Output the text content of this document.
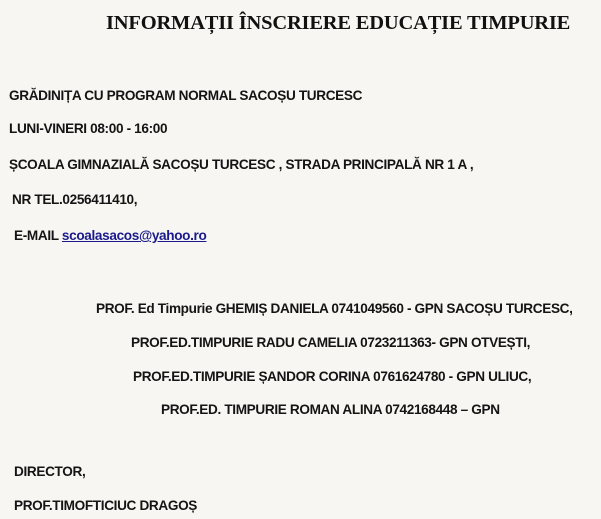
INFORMAȚII ÎNSCRIERE EDUCAȚIE TIMPURIE
GRĂDINIȚA CU PROGRAM NORMAL SACOȘU TURCESC
LUNI-VINERI 08:00 - 16:00
ȘCOALA GIMNAZIALĂ SACOȘU TURCESC , STRADA PRINCIPALĂ NR 1 A ,
NR TEL.0256411410,
E-MAIL scoalasacos@yahoo.ro
PROF. Ed Timpurie GHEMIȘ DANIELA 0741049560 - GPN SACOȘU TURCESC,
PROF.ED.TIMPURIE RADU CAMELIA 0723211363- GPN OTVEȘTI,
PROF.ED.TIMPURIE ȘANDOR CORINA 0761624780 - GPN ULIUC,
PROF.ED. TIMPURIE ROMAN ALINA 0742168448 – GPN
DIRECTOR,
PROF.TIMOFTICIUC DRAGOȘ
